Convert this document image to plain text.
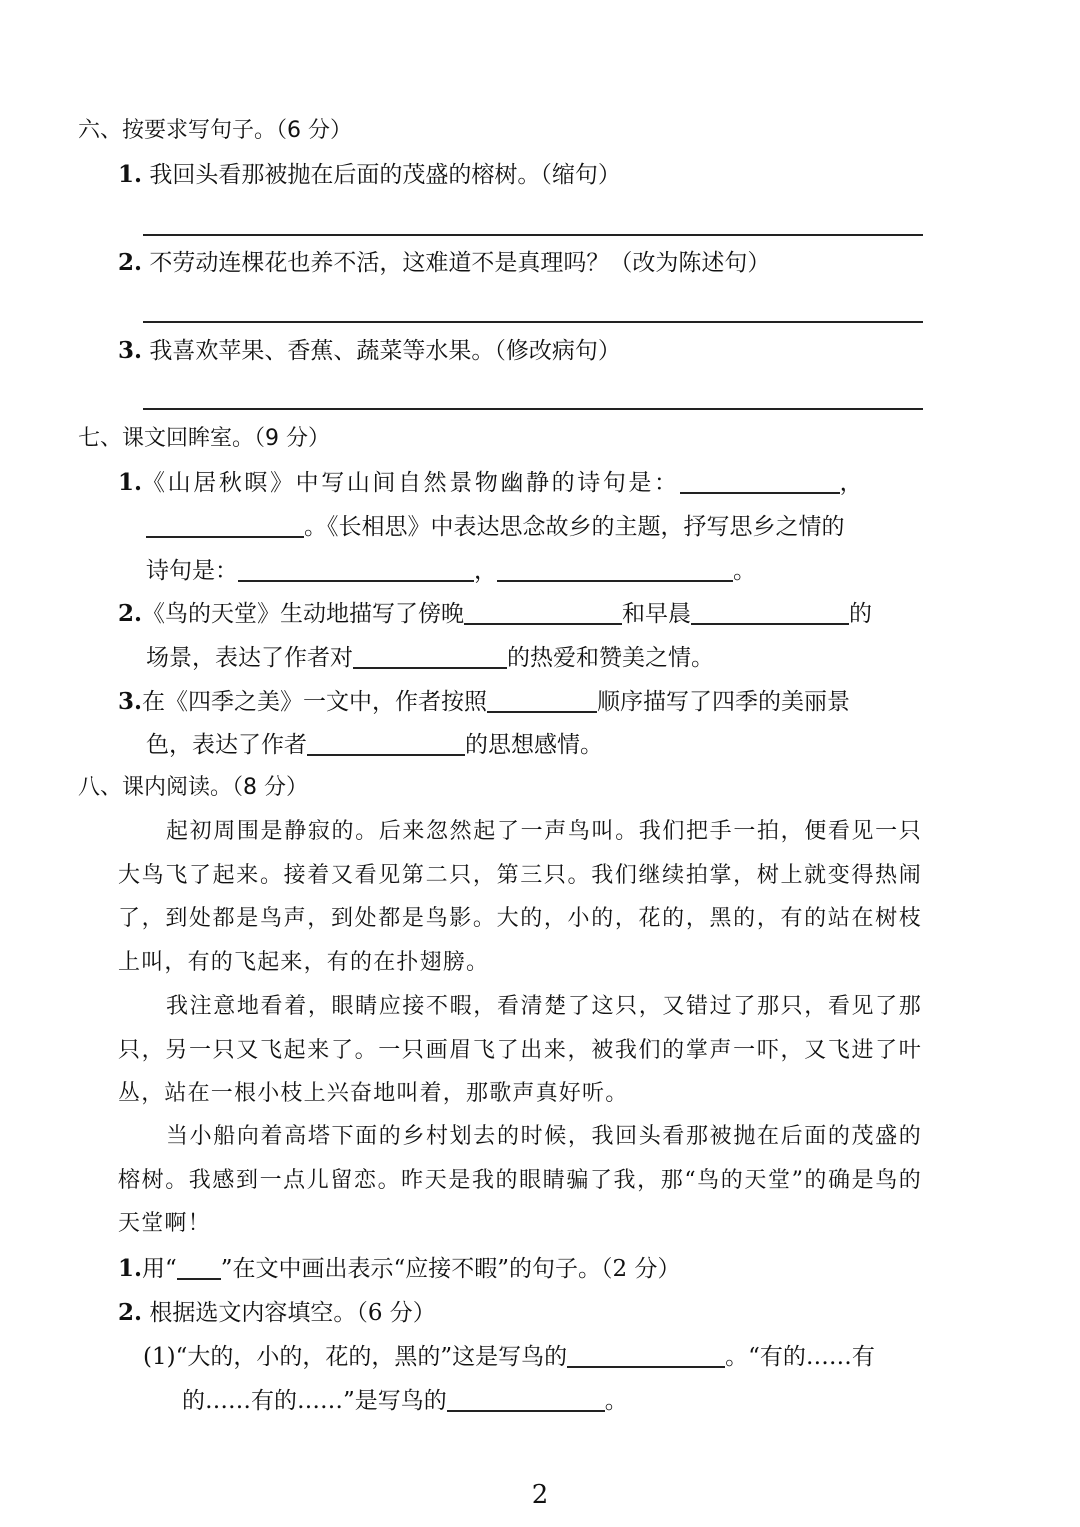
六、按要求写句子。（6 分）
1. 我回头看那被抛在后面的茂盛的榕树。（缩句）
2. 不劳动连棵花也养不活，这难道不是真理吗？（改为陈述句）
3. 我喜欢苹果、香蕉、蔬菜等水果。（修改病句）
七、课文回眸室。（9 分）
1.《山居秋暝》中写山间自然景物幽静的诗句是：	，
。《长相思》中表达思念故乡的主题，抒写思乡之情的
诗句是：	，	。
2.《鸟的天堂》生动地描写了傍晚	和早晨	的
场景，表达了作者对	的热爱和赞美之情。
3.在《四季之美》一文中，作者按照	顺序描写了四季的美丽景
色，表达了作者	的思想感情。
八、课内阅读。（8 分）

起初周围是静寂的。后来忽然起了一声鸟叫。我们把手一拍，便看见一只大鸟飞了起来。接着又看见第二只，第三只。我们继续拍掌，树上就变得热闹了，到处都是鸟声，到处都是鸟影。大的，小的，花的，黑的，有的站在树枝上叫，有的飞起来，有的在扑翅膀。

我注意地看着，眼睛应接不暇，看清楚了这只，又错过了那只，看见了那只，另一只又飞起来了。一只画眉飞了出来，被我们的掌声一吓，又飞进了叶丛，站在一根小枝上兴奋地叫着，那歌声真好听。

当小船向着高塔下面的乡村划去的时候，我回头看那被抛在后面的茂盛的榕树。我感到一点儿留恋。昨天是我的眼睛骗了我，那“鸟的天堂”的确是鸟的天堂啊！

1.用“ ”在文中画出表示“应接不暇”的句子。（2 分）
2. 根据选文内容填空。（6 分）
(1)“大的，小的，花的，黑的”这是写鸟的	。“有的……有
的……有的……”是写鸟的	。
2
